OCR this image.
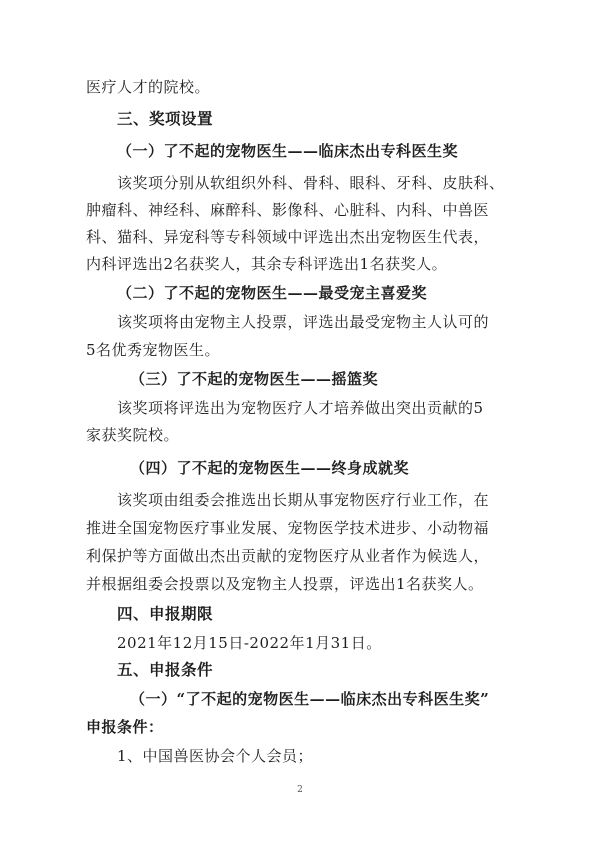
医疗人才的院校。
三、奖项设置
（一）了不起的宠物医生——临床杰出专科医生奖
该奖项分别从软组织外科、骨科、眼科、牙科、皮肤科、
肿瘤科、神经科、麻醉科、影像科、心脏科、内科、中兽医
科、猫科、异宠科等专科领域中评选出杰出宠物医生代表，
内科评选出2名获奖人，其余专科评选出1名获奖人。
（二）了不起的宠物医生——最受宠主喜爱奖
该奖项将由宠物主人投票，评选出最受宠物主人认可的
5名优秀宠物医生。
（三）了不起的宠物医生——摇篮奖
该奖项将评选出为宠物医疗人才培养做出突出贡献的5
家获奖院校。
（四）了不起的宠物医生——终身成就奖
该奖项由组委会推选出长期从事宠物医疗行业工作，在
推进全国宠物医疗事业发展、宠物医学技术进步、小动物福
利保护等方面做出杰出贡献的宠物医疗从业者作为候选人，
并根据组委会投票以及宠物主人投票，评选出1名获奖人。
四、申报期限
2021年12月15日-2022年1月31日。
五、申报条件
（一）“了不起的宠物医生——临床杰出专科医生奖”
申报条件：
1、中国兽医协会个人会员；
2
